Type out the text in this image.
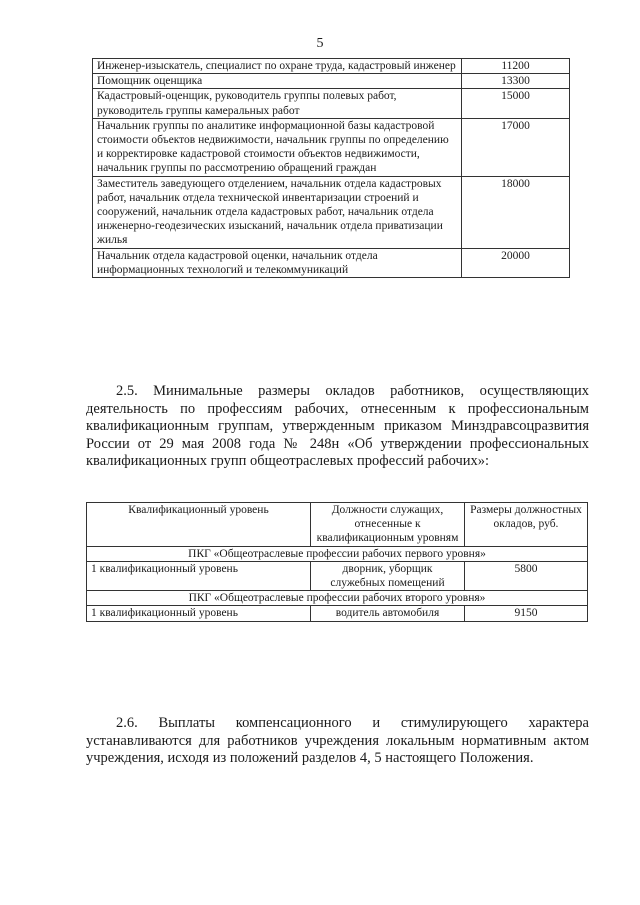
5
Инженер-изыскатель, специалист по охране труда, кадастровый инженер	11200
Помощник оценщика	13300
Кадастровый-оценщик, руководитель группы полевых работ, руководитель группы камеральных работ	15000
Начальник группы по аналитике информационной базы кадастровой стоимости объектов недвижимости, начальник группы по определению и корректировке кадастровой стоимости объектов недвижимости, начальник группы по рассмотрению обращений граждан	17000
Заместитель заведующего отделением, начальник отдела кадастровых работ, начальник отдела технической инвентаризации строений и сооружений, начальник отдела кадастровых работ, начальник отдела инженерно-геодезических изысканий, начальник отдела приватизации жилья	18000
Начальник отдела кадастровой оценки, начальник отдела информационных технологий и телекоммуникаций	20000

2.5. Минимальные размеры окладов работников, осуществляющих деятельность по профессиям рабочих, отнесенным к профессиональным квалификационным группам, утвержденным приказом Минздравсоцразвития России от 29 мая 2008 года № 248н «Об утверждении профессиональных квалификационных групп общеотраслевых профессий рабочих»:

Квалификационный уровень	Должности служащих, отнесенные к квалификационным уровням	Размеры должностных окладов, руб.
ПКГ «Общеотраслевые профессии рабочих первого уровня»		
1 квалификационный уровень	дворник, уборщик служебных помещений	5800
ПКГ «Общеотраслевые профессии рабочих второго уровня»		
1 квалификационный уровень	водитель автомобиля	9150

2.6. Выплаты компенсационного и стимулирующего характера устанавливаются для работников учреждения локальным нормативным актом учреждения, исходя из положений разделов 4, 5 настоящего Положения.
